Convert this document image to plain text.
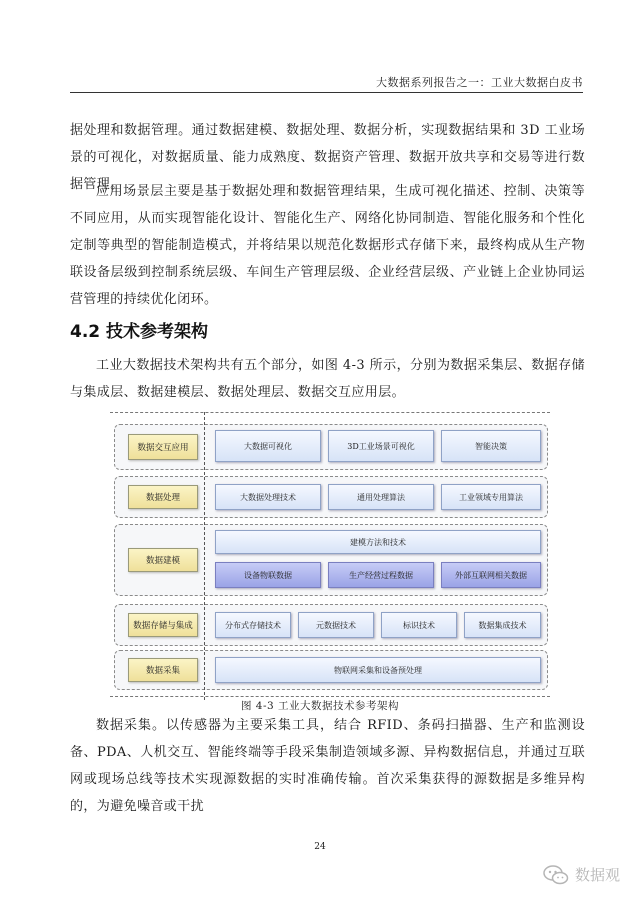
大数据系列报告之一：工业大数据白皮书

据处理和数据管理。通过数据建模、数据处理、数据分析，实现数据结果和 3D 工业场景的可视化，对数据质量、能力成熟度、数据资产管理、数据开放共享和交易等进行数据管理。

应用场景层主要是基于数据处理和数据管理结果，生成可视化描述、控制、决策等不同应用，从而实现智能化设计、智能化生产、网络化协同制造、智能化服务和个性化定制等典型的智能制造模式，并将结果以规范化数据形式存储下来，最终构成从生产物联设备层级到控制系统层级、车间生产管理层级、企业经营层级、产业链上企业协同运营管理的持续优化闭环。

4.2 技术参考架构

工业大数据技术架构共有五个部分，如图 4-3 所示，分别为数据采集层、数据存储与集成层、数据建模层、数据处理层、数据交互应用层。

数据交互应用	大数据可视化	3D工业场景可视化	智能决策
数据处理	大数据处理技术	通用处理算法	工业领域专用算法
数据建模
建模方法和技术
设备物联数据	生产经营过程数据	外部互联网相关数据
数据存储与集成	分布式存储技术	元数据技术	标识技术	数据集成技术
数据采集	物联网采集和设备预处理
图 4-3 工业大数据技术参考架构

数据采集。以传感器为主要采集工具，结合 RFID、条码扫描器、生产和监测设备、PDA、人机交互、智能终端等手段采集制造领域多源、异构数据信息，并通过互联网或现场总线等技术实现源数据的实时准确传输。首次采集获得的源数据是多维异构的，为避免噪音或干扰

24
数据观
